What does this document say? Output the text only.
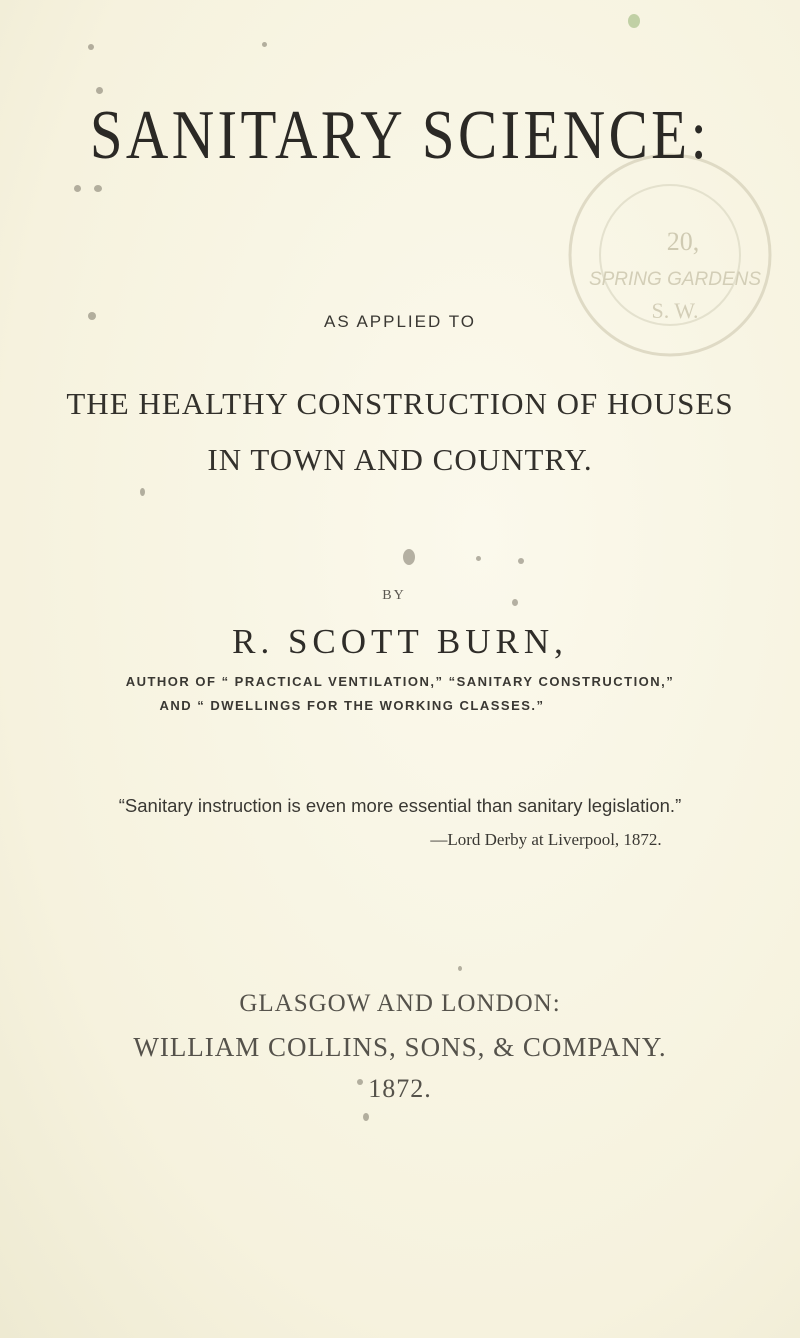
20,
SPRING GARDENS
S. W.
SANITARY SCIENCE:
AS APPLIED TO
THE HEALTHY CONSTRUCTION OF HOUSES
IN TOWN AND COUNTRY.
BY
R. SCOTT BURN,
AUTHOR OF “ PRACTICAL VENTILATION,” “SANITARY CONSTRUCTION,”
AND “ DWELLINGS FOR THE WORKING CLASSES.”
“Sanitary instruction is even more essential than sanitary legislation.”
—Lord Derby at Liverpool, 1872.
GLASGOW AND LONDON:
WILLIAM COLLINS, SONS, & COMPANY.
1872.
